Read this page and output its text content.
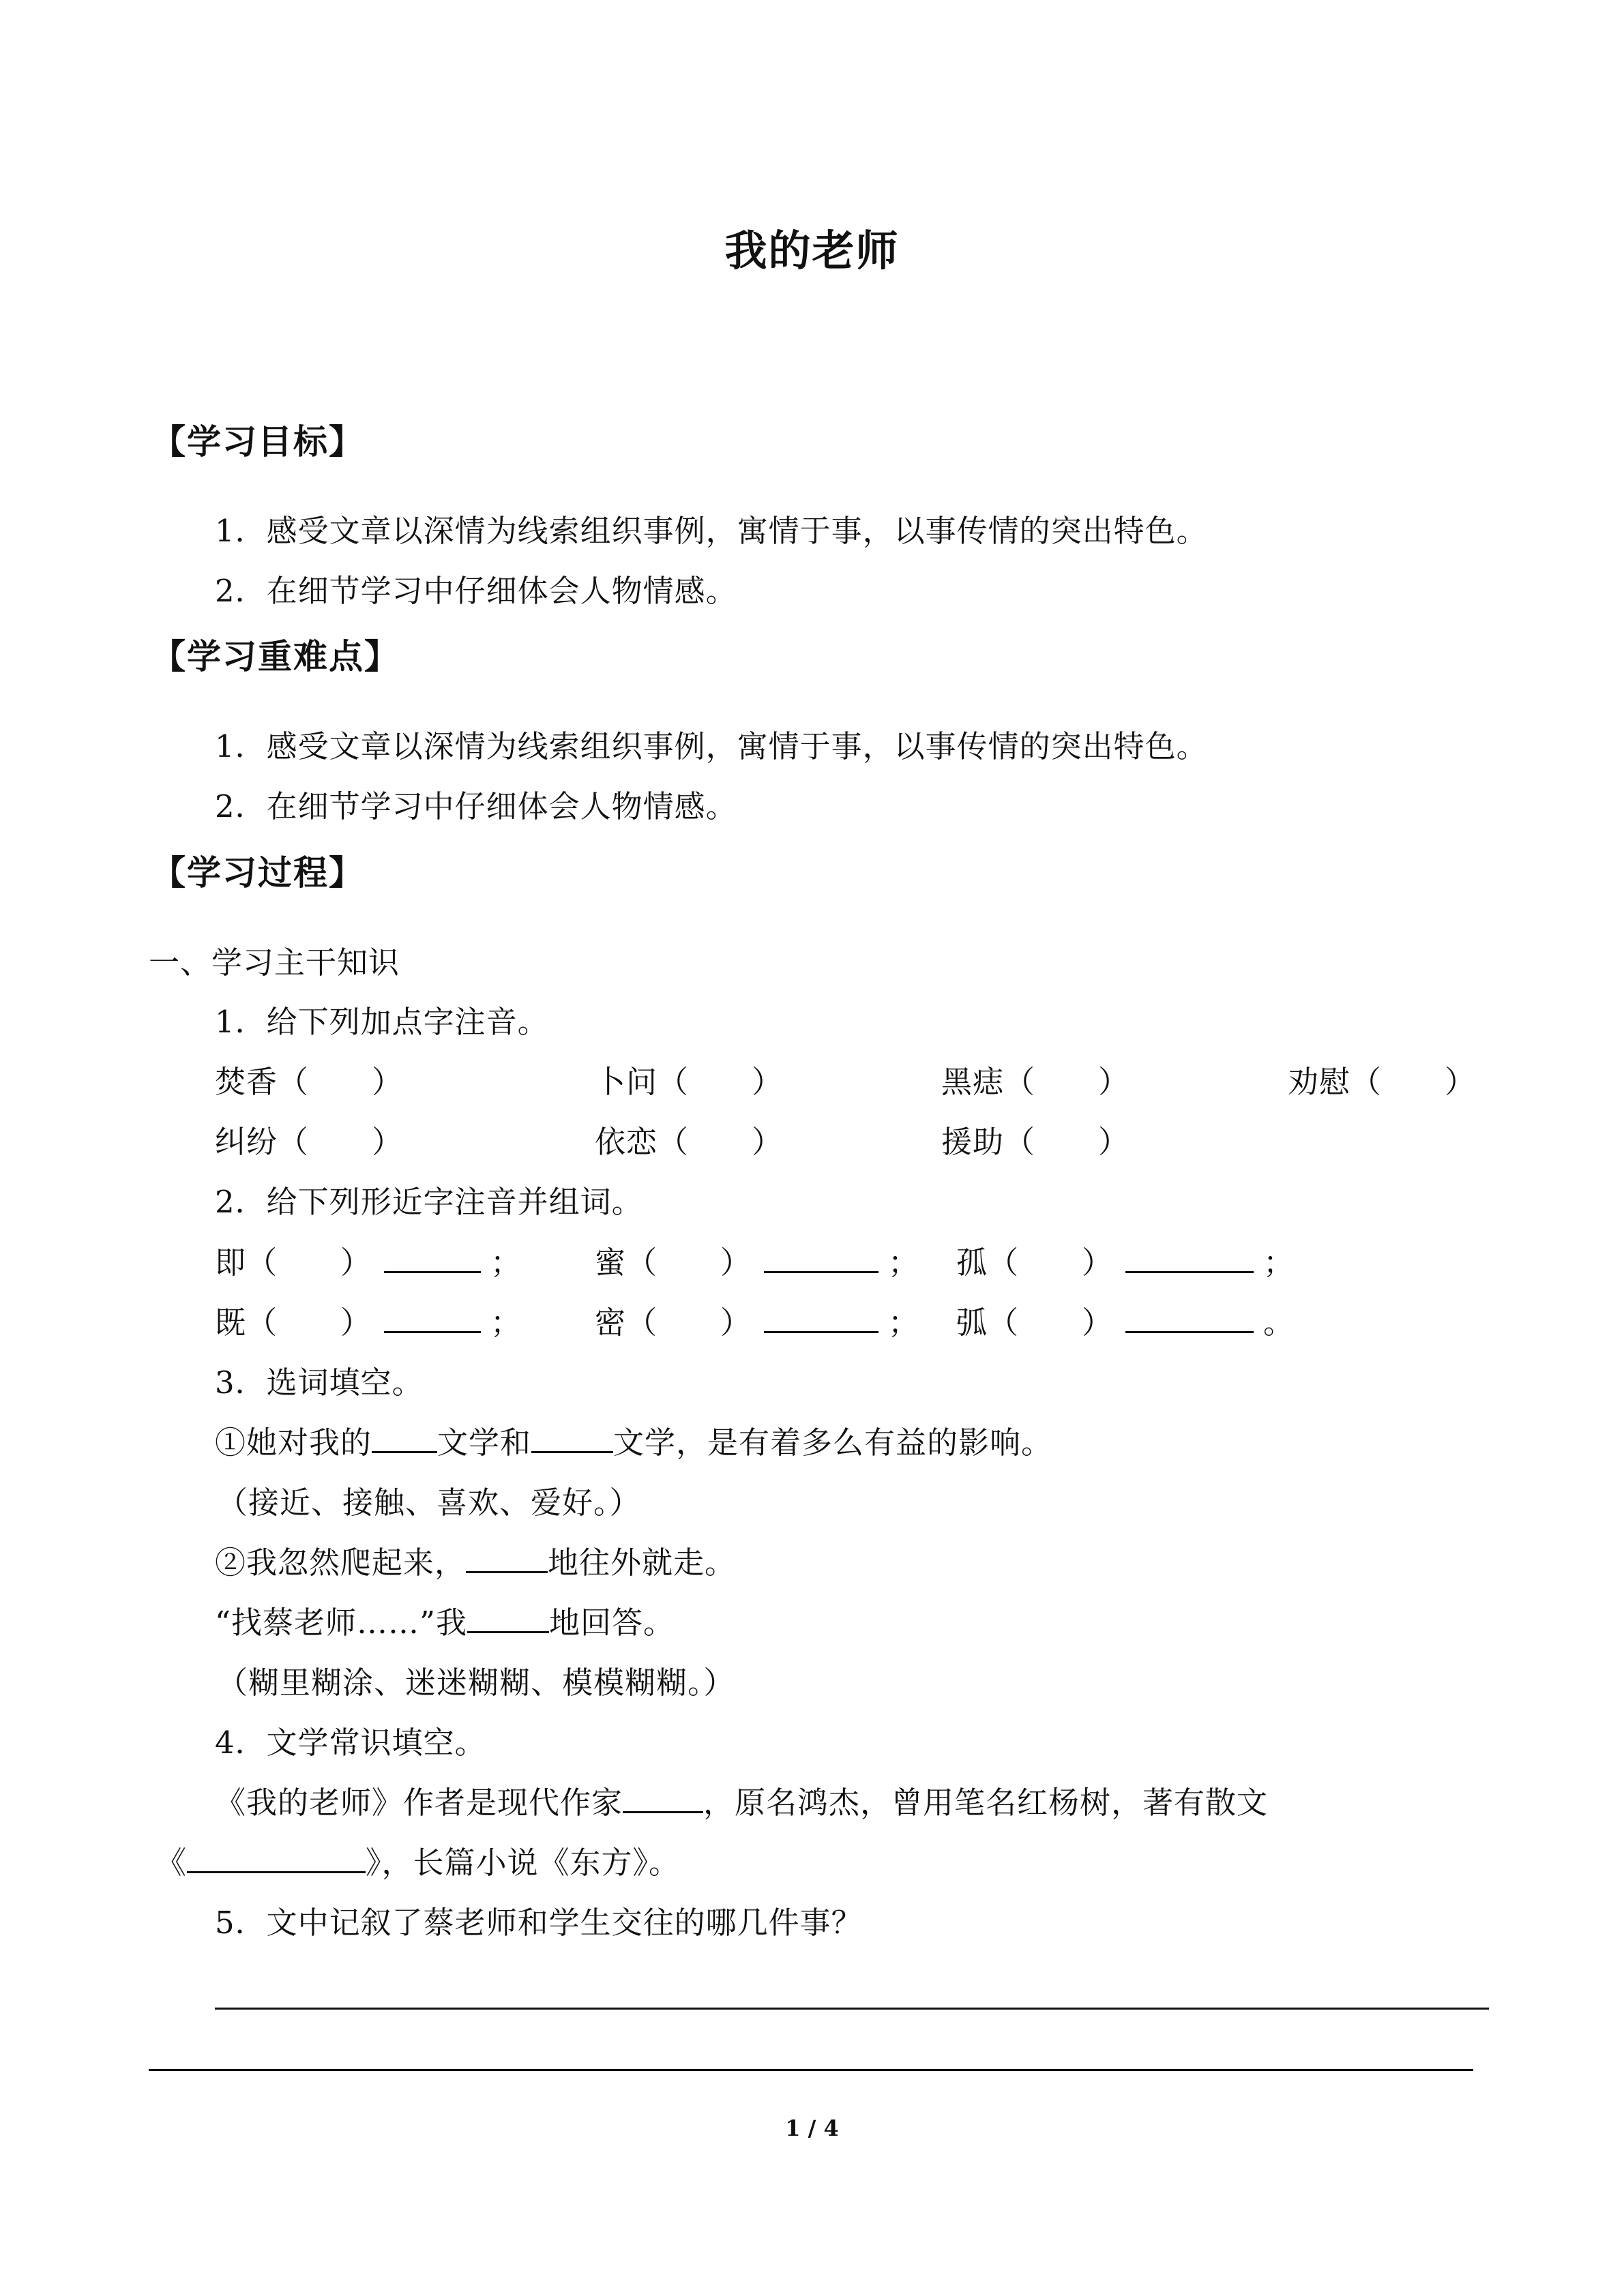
我的老师
【学习目标】
1．感受文章以深情为线索组织事例，寓情于事，以事传情的突出特色。
2．在细节学习中仔细体会人物情感。
【学习重难点】
1．感受文章以深情为线索组织事例，寓情于事，以事传情的突出特色。
2．在细节学习中仔细体会人物情感。
【学习过程】
一、学习主干知识
1．给下列加点字注音。
焚香（　　）	卜问（　　）	黑痣（　　）	劝慰（　　）
纠纷（　　）	依恋（　　）	援助（　　）
2．给下列形近字注音并组词。
即（　　）	； 蜜（　　）	； 孤（　　）	；
既（　　）	； 密（　　）	； 弧（　　）	。
3．选词填空。
①她对我的 文学和	文学，是有着多么有益的影响。
（接近、接触、喜欢、爱好。）
②我忽然爬起来，	地往外就走。
“找蔡老师……”我	地回答。
（糊里糊涂、迷迷糊糊、模模糊糊。）
4．文学常识填空。
《我的老师》作者是现代作家	，原名鸿杰，曾用笔名红杨树，著有散文
《	》，长篇小说《东方》。
5．文中记叙了蔡老师和学生交往的哪几件事？
1 / 4
